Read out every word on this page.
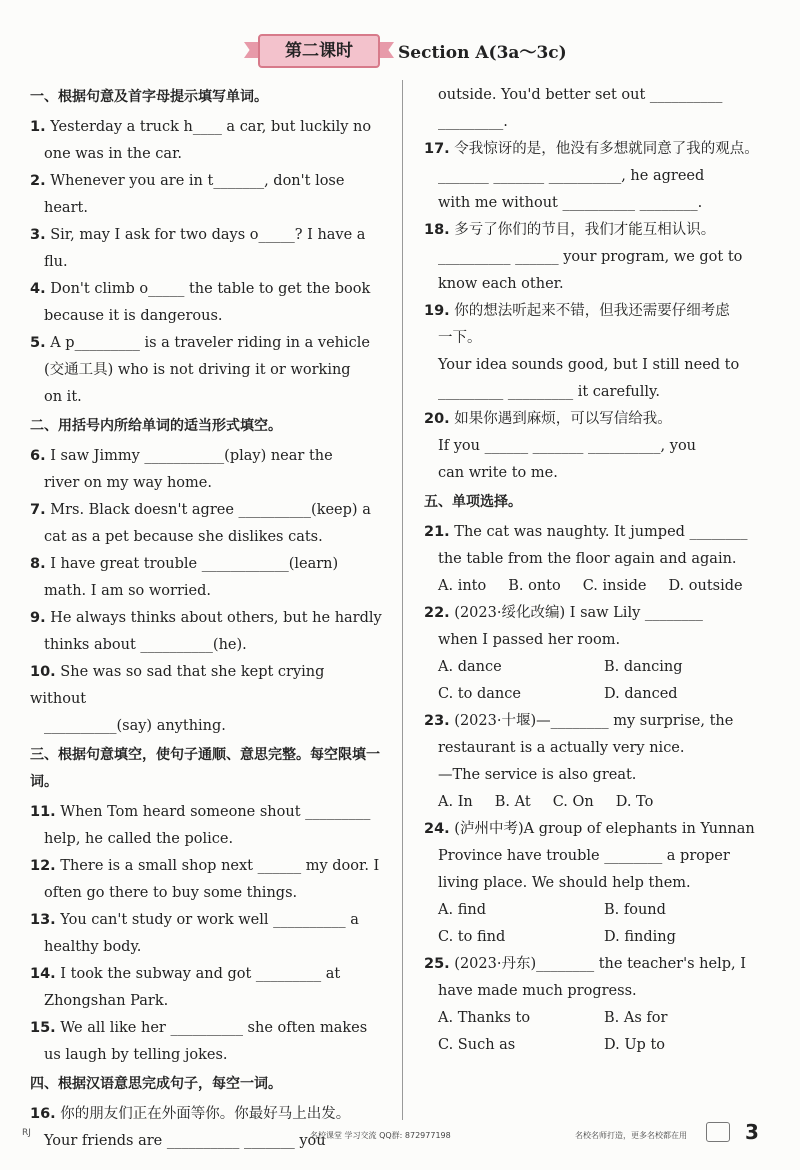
第二课时	Section A(3a～3c)
一、根据句意及首字母提示填写单词。
1. Yesterday a truck h____ a car, but luckily no
one was in the car.
2. Whenever you are in t_______, don't lose
heart.
3. Sir, may I ask for two days o_____? I have a
flu.
4. Don't climb o_____ the table to get the book
because it is dangerous.
5. A p_________ is a traveler riding in a vehicle
(交通工具) who is not driving it or working
on it.
二、用括号内所给单词的适当形式填空。
6. I saw Jimmy ___________(play) near the
river on my way home.
7. Mrs. Black doesn't agree __________(keep) a
cat as a pet because she dislikes cats.
8. I have great trouble ____________(learn)
math. I am so worried.
9. He always thinks about others, but he hardly
thinks about __________(he).
10. She was so sad that she kept crying without
__________(say) anything.
三、根据句意填空，使句子通顺、意思完整。每空限填一词。
11. When Tom heard someone shout _________
help, he called the police.
12. There is a small shop next ______ my door. I
often go there to buy some things.
13. You can't study or work well __________ a
healthy body.
14. I took the subway and got _________ at
Zhongshan Park.
15. We all like her __________ she often makes
us laugh by telling jokes.
四、根据汉语意思完成句子，每空一词。
16. 你的朋友们正在外面等你。你最好马上出发。
Your friends are __________ _______ you
outside. You'd better set out __________
_________.
17. 令我惊讶的是，他没有多想就同意了我的观点。
_______ _______ __________, he agreed
with me without __________ ________.
18. 多亏了你们的节目，我们才能互相认识。
__________ ______ your program, we got to
know each other.
19. 你的想法听起来不错，但我还需要仔细考虑
一下。
Your idea sounds good, but I still need to
_________ _________ it carefully.
20. 如果你遇到麻烦，可以写信给我。
If you ______ _______ __________, you
can write to me.
五、单项选择。
21. The cat was naughty. It jumped ________
the table from the floor again and again.
A. into B. onto C. inside D. outside
22. (2023·绥化改编) I saw Lily ________
when I passed her room.
A. dance	B. dancing
C. to dance	D. danced
23. (2023·十堰)—________ my surprise, the
restaurant is a actually very nice.
—The service is also great.
A. In B. At C. On D. To
24. (泸州中考)A group of elephants in Yunnan
Province have trouble ________ a proper
living place. We should help them.
A. find	B. found
C. to find	D. finding
25. (2023·丹东)________ the teacher's help, I
have made much progress.
A. Thanks to	B. As for
C. Such as	D. Up to
RJ	名校课堂 学习交流 QQ群: 872977198	名校名师打造，更多名校都在用	3
